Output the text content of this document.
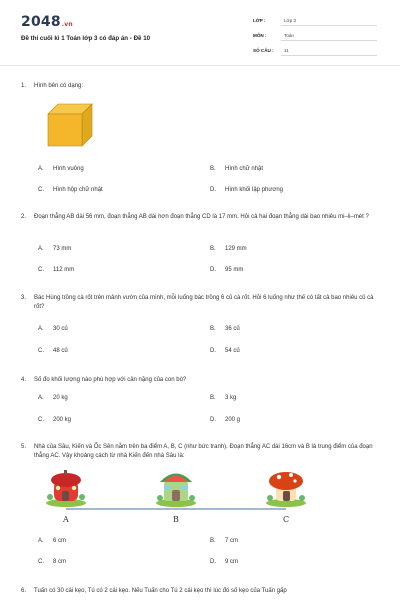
2048.vn
Đề thi cuối kì 1 Toán lớp 3 có đáp án - Đề 10
LỚP :	Lớp 3
MÔN :	Toán
SỐ CÂU : 11
1. Hình bên có dạng:
A. Hình vuông	B. Hình chữ nhật
C. Hình hộp chữ nhật	D. Hình khối lập phương
2. Đoạn thẳng AB dài 56 mm, đoạn thẳng AB dài hơn đoạn thẳng CD là 17 mm. Hỏi cả hai đoạn thẳng dài bao nhiêu mi–li–mét ?
A. 73 mm	B. 129 mm
C. 112 mm	D. 95 mm
3. Bác Hùng trồng cà rốt trên mảnh vườn của mình, mỗi luống bác trồng 6 củ cà rốt. Hỏi 6 luống như thế có tất cả bao nhiêu củ cà rốt?
A. 30 củ	B. 36 củ
C. 48 củ	D. 54 củ
4. Số đo khối lượng nào phù hợp với cân nặng của con bò?
A. 20 kg	B. 3 kg
C. 200 kg	D. 200 g
5. Nhà của Sâu, Kiến và Ốc Sên nằm trên ba điểm A, B, C (như bức tranh). Đoạn thẳng AC dài 16cm và B là trung điểm của đoạn thẳng AC. Vậy khoảng cách từ nhà Kiến đến nhà Sâu là:
A	B	C
A. 6 cm	B. 7 cm
C. 8 cm	D. 9 cm
6. Tuấn có 30 cái kẹo, Tú có 2 cái kẹo. Nếu Tuấn cho Tú 2 cái kẹo thì lúc đó số kẹo của Tuấn gấp
